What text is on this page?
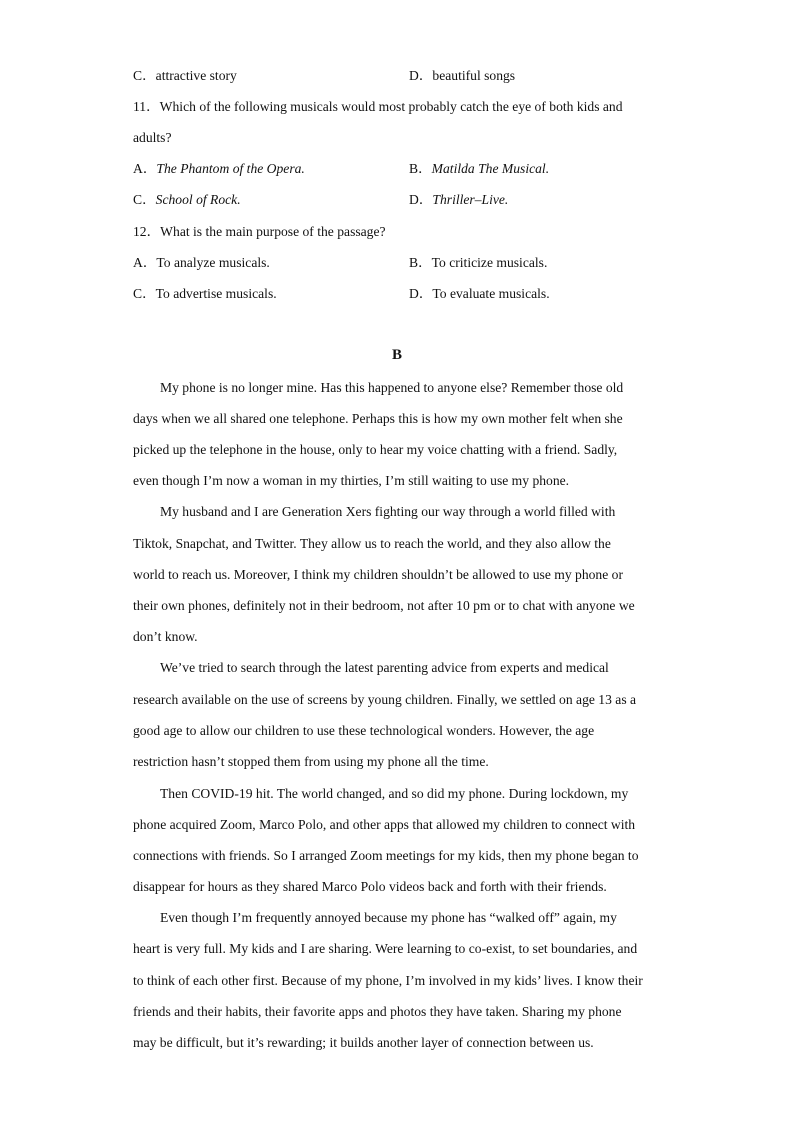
C．attractive story	D．beautiful songs
11．Which of the following musicals would most probably catch the eye of both kids and
adults?
A．The Phantom of the Opera.	B．Matilda The Musical.
C．School of Rock.	D．Thriller–Live.
12．What is the main purpose of the passage?
A．To analyze musicals.	B．To criticize musicals.
C．To advertise musicals.	D．To evaluate musicals.
B
My phone is no longer mine. Has this happened to anyone else? Remember those old
days when we all shared one telephone. Perhaps this is how my own mother felt when she
picked up the telephone in the house, only to hear my voice chatting with a friend. Sadly,
even though I’m now a woman in my thirties, I’m still waiting to use my phone.
My husband and I are Generation Xers fighting our way through a world filled with
Tiktok, Snapchat, and Twitter. They allow us to reach the world, and they also allow the
world to reach us. Moreover, I think my children shouldn’t be allowed to use my phone or
their own phones, definitely not in their bedroom, not after 10 pm or to chat with anyone we
don’t know.
We’ve tried to search through the latest parenting advice from experts and medical
research available on the use of screens by young children. Finally, we settled on age 13 as a
good age to allow our children to use these technological wonders. However, the age
restriction hasn’t stopped them from using my phone all the time.
Then COVID-19 hit. The world changed, and so did my phone. During lockdown, my
phone acquired Zoom, Marco Polo, and other apps that allowed my children to connect with
connections with friends. So I arranged Zoom meetings for my kids, then my phone began to
disappear for hours as they shared Marco Polo videos back and forth with their friends.
Even though I’m frequently annoyed because my phone has “walked off” again, my
heart is very full. My kids and I are sharing. Were learning to co-exist, to set boundaries, and
to think of each other first. Because of my phone, I’m involved in my kids’ lives. I know their
friends and their habits, their favorite apps and photos they have taken. Sharing my phone
may be difficult, but it’s rewarding; it builds another layer of connection between us.
